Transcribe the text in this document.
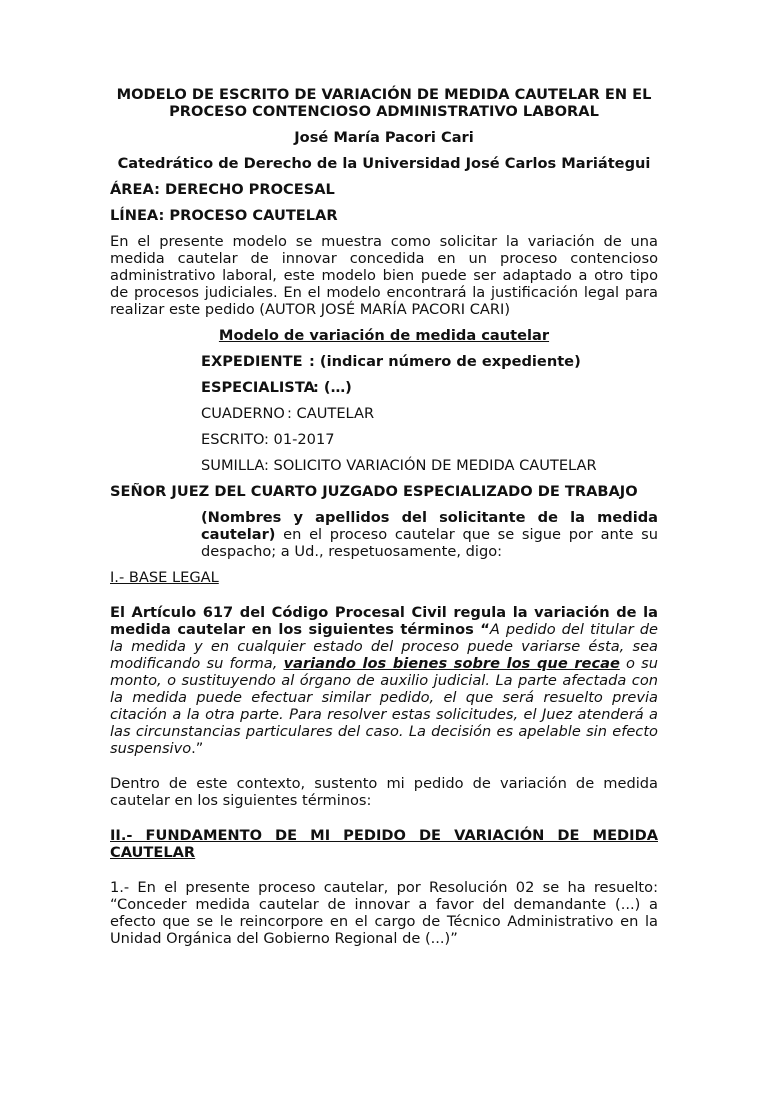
MODELO DE ESCRITO DE VARIACIÓN DE MEDIDA CAUTELAR EN EL
PROCESO CONTENCIOSO ADMINISTRATIVO LABORAL

José María Pacori Cari

Catedrático de Derecho de la Universidad José Carlos Mariátegui

ÁREA: DERECHO PROCESAL

LÍNEA: PROCESO CAUTELAR

En el presente modelo se muestra como solicitar la variación de una medida cautelar de innovar concedida en un proceso contencioso administrativo laboral, este modelo bien puede ser adaptado a otro tipo de procesos judiciales. En el modelo encontrará la justificación legal para realizar este pedido (AUTOR JOSÉ MARÍA PACORI CARI)

Modelo de variación de medida cautelar

EXPEDIENTE : (indicar número de expediente)
ESPECIALISTA
: (…)
CUADERNO : CAUTELAR
ESCRITO : 01-2017
SUMILLA : SOLICITO VARIACIÓN DE MEDIDA CAUTELAR

SEÑOR JUEZ DEL CUARTO JUZGADO ESPECIALIZADO DE TRABAJO

(Nombres y apellidos del solicitante de la medida cautelar) en el proceso cautelar que se sigue por ante su despacho; a Ud., respetuosamente, digo:

I.- BASE LEGAL

El Artículo 617 del Código Procesal Civil regula la variación de la medida cautelar en los siguientes términos “A pedido del titular de la medida y en cualquier estado del proceso puede variarse ésta, sea modificando su forma, variando los bienes sobre los que recae o su monto, o sustituyendo al órgano de auxilio judicial. La parte afectada con la medida puede efectuar similar pedido, el que será resuelto previa citación a la otra parte. Para resolver estas solicitudes, el Juez atenderá a las circunstancias particulares del caso. La decisión es apelable sin efecto suspensivo.”

Dentro de este contexto, sustento mi pedido de variación de medida cautelar en los siguientes términos:

II.- FUNDAMENTO DE MI PEDIDO DE VARIACIÓN DE MEDIDA CAUTELAR

1.- En el presente proceso cautelar, por Resolución 02 se ha resuelto: “Conceder medida cautelar de innovar a favor del demandante (...) a efecto que se le reincorpore en el cargo de Técnico Administrativo en la Unidad Orgánica del Gobierno Regional de (...)”
